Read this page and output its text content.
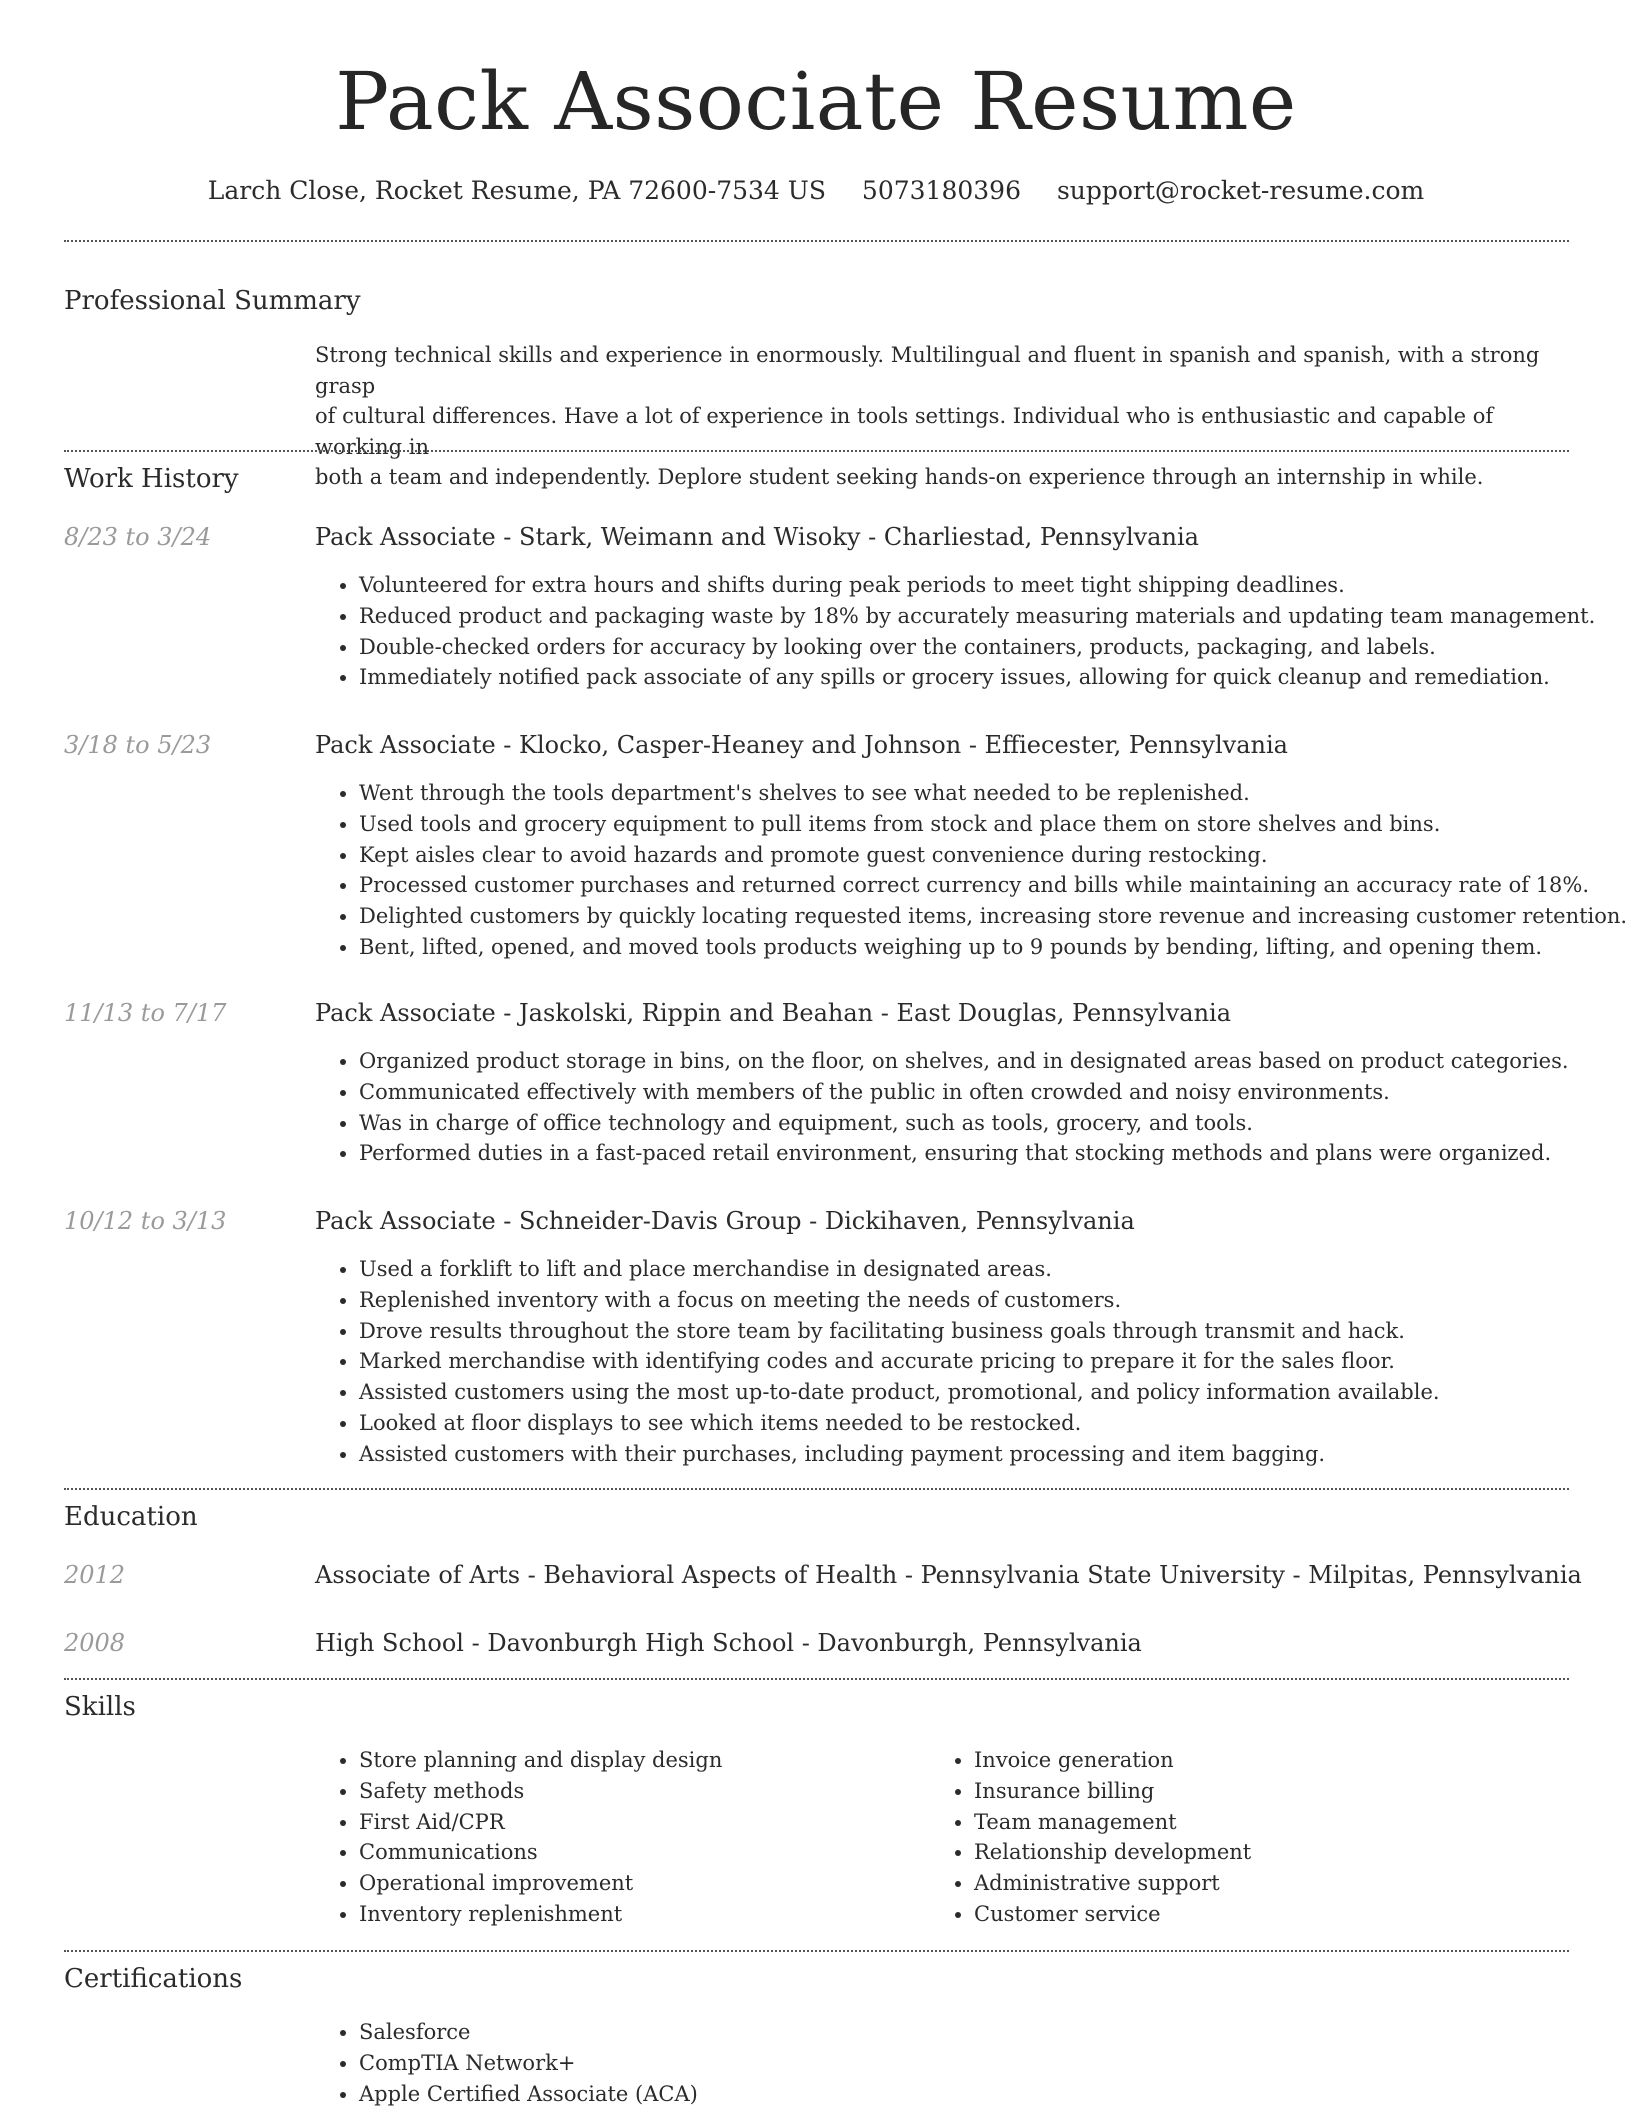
Pack Associate Resume
Larch Close, Rocket Resume, PA 72600-7534 US 5073180396 support@rocket-resume.com
Professional Summary
Strong technical skills and experience in enormously. Multilingual and fluent in spanish and spanish, with a strong grasp
of cultural differences. Have a lot of experience in tools settings. Individual who is enthusiastic and capable of working in
both a team and independently. Deplore student seeking hands-on experience through an internship in while.
Work History
8/23 to 3/24	Pack Associate - Stark, Weimann and Wisoky - Charliestad, Pennsylvania
• Volunteered for extra hours and shifts during peak periods to meet tight shipping deadlines.
• Reduced product and packaging waste by 18% by accurately measuring materials and updating team management.
• Double-checked orders for accuracy by looking over the containers, products, packaging, and labels.
• Immediately notified pack associate of any spills or grocery issues, allowing for quick cleanup and remediation.
3/18 to 5/23	Pack Associate - Klocko, Casper-Heaney and Johnson - Effiecester, Pennsylvania
• Went through the tools department's shelves to see what needed to be replenished.
• Used tools and grocery equipment to pull items from stock and place them on store shelves and bins.
• Kept aisles clear to avoid hazards and promote guest convenience during restocking.
• Processed customer purchases and returned correct currency and bills while maintaining an accuracy rate of 18%.
• Delighted customers by quickly locating requested items, increasing store revenue and increasing customer retention.
• Bent, lifted, opened, and moved tools products weighing up to 9 pounds by bending, lifting, and opening them.
11/13 to 7/17	Pack Associate - Jaskolski, Rippin and Beahan - East Douglas, Pennsylvania
• Organized product storage in bins, on the floor, on shelves, and in designated areas based on product categories.
• Communicated effectively with members of the public in often crowded and noisy environments.
• Was in charge of office technology and equipment, such as tools, grocery, and tools.
• Performed duties in a fast-paced retail environment, ensuring that stocking methods and plans were organized.
10/12 to 3/13	Pack Associate - Schneider-Davis Group - Dickihaven, Pennsylvania
• Used a forklift to lift and place merchandise in designated areas.
• Replenished inventory with a focus on meeting the needs of customers.
• Drove results throughout the store team by facilitating business goals through transmit and hack.
• Marked merchandise with identifying codes and accurate pricing to prepare it for the sales floor.
• Assisted customers using the most up-to-date product, promotional, and policy information available.
• Looked at floor displays to see which items needed to be restocked.
• Assisted customers with their purchases, including payment processing and item bagging.
Education
2012	Associate of Arts - Behavioral Aspects of Health - Pennsylvania State University - Milpitas, Pennsylvania
2008	High School - Davonburgh High School - Davonburgh, Pennsylvania
Skills
• Store planning and display design
• Safety methods
• First Aid/CPR
• Communications
• Operational improvement
• Inventory replenishment
• Invoice generation
• Insurance billing
• Team management
• Relationship development
• Administrative support
• Customer service
Certifications
• Salesforce
• CompTIA Network+
• Apple Certified Associate (ACA)
